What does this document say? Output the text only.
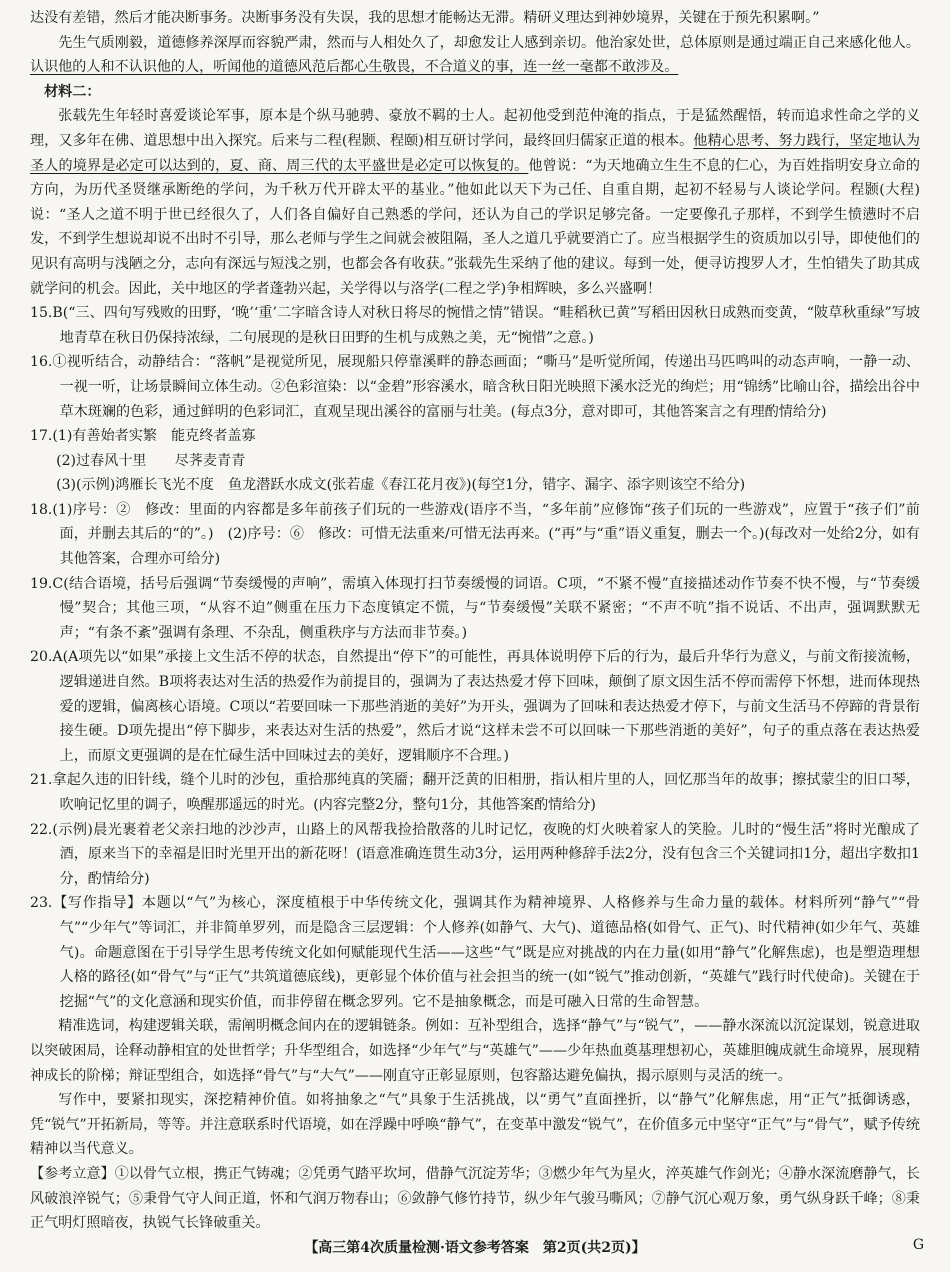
达没有差错，然后才能决断事务。决断事务没有失误，我的思想才能畅达无滞。精研义理达到神妙境界，关键在于预先积累啊。”

先生气质刚毅，道德修养深厚而容貌严肃，然而与人相处久了，却愈发让人感到亲切。他治家处世，总体原则是通过端正自己来感化他人。认识他的人和不认识他的人，听闻他的道德风范后都心生敬畏，不合道义的事，连一丝一毫都不敢涉及。

材料二：

张载先生年轻时喜爱谈论军事，原本是个纵马驰骋、豪放不羁的士人。起初他受到范仲淹的指点，于是猛然醒悟，转而追求性命之学的义理，又多年在佛、道思想中出入探究。后来与二程(程颢、程颐)相互研讨学问，最终回归儒家正道的根本。他精心思考、努力践行，坚定地认为圣人的境界是必定可以达到的，夏、商、周三代的太平盛世是必定可以恢复的。他曾说：“为天地确立生生不息的仁心，为百姓指明安身立命的方向，为历代圣贤继承断绝的学问，为千秋万代开辟太平的基业。”他如此以天下为己任、自重自期，起初不轻易与人谈论学问。程颢(大程)说：“圣人之道不明于世已经很久了，人们各自偏好自己熟悉的学问，还认为自己的学识足够完备。一定要像孔子那样，不到学生愤懑时不启发，不到学生想说却说不出时不引导，那么老师与学生之间就会被阻隔，圣人之道几乎就要消亡了。应当根据学生的资质加以引导，即使他们的见识有高明与浅陋之分，志向有深远与短浅之别，也都会各有收获。”张载先生采纳了他的建议。每到一处，便寻访搜罗人才，生怕错失了助其成就学问的机会。因此，关中地区的学者蓬勃兴起，关学得以与洛学(二程之学)争相辉映，多么兴盛啊！

15.B(“三、四句写残败的田野，‘晚’‘重’二字暗含诗人对秋日将尽的惋惜之情”错误。“畦稻秋已黄”写稻田因秋日成熟而变黄，“陂草秋重绿”写坡地青草在秋日仍保持浓绿，二句展现的是秋日田野的生机与成熟之美，无“惋惜”之意。)

16.①视听结合，动静结合：“落帆”是视觉所见，展现船只停靠溪畔的静态画面；“嘶马”是听觉所闻，传递出马匹鸣叫的动态声响，一静一动、一视一听，让场景瞬间立体生动。②色彩渲染：以“金碧”形容溪水，暗含秋日阳光映照下溪水泛光的绚烂；用“锦绣”比喻山谷，描绘出谷中草木斑斓的色彩，通过鲜明的色彩词汇，直观呈现出溪谷的富丽与壮美。(每点3分，意对即可，其他答案言之有理酌情给分)

17.(1)有善始者实繁　能克终者盖寡

(2)过春风十里　　尽荠麦青青

(3)(示例)鸿雁长飞光不度　鱼龙潜跃水成文(张若虚《春江花月夜》)(每空1分，错字、漏字、添字则该空不给分)

18.(1)序号：②　修改：里面的内容都是多年前孩子们玩的一些游戏(语序不当，“多年前”应修饰“孩子们玩的一些游戏”，应置于“孩子们”前面，并删去其后的“的”。)　(2)序号：⑥　修改：可惜无法重来/可惜无法再来。(“再”与“重”语义重复，删去一个。)(每改对一处给2分，如有其他答案，合理亦可给分)

19.C(结合语境，括号后强调“节奏缓慢的声响”，需填入体现打扫节奏缓慢的词语。C项，“不紧不慢”直接描述动作节奏不快不慢，与“节奏缓慢”契合；其他三项，“从容不迫”侧重在压力下态度镇定不慌，与“节奏缓慢”关联不紧密；“不声不吭”指不说话、不出声，强调默默无声；“有条不紊”强调有条理、不杂乱，侧重秩序与方法而非节奏。)

20.A(A项先以“如果”承接上文生活不停的状态，自然提出“停下”的可能性，再具体说明停下后的行为，最后升华行为意义，与前文衔接流畅，逻辑递进自然。B项将表达对生活的热爱作为前提目的，强调为了表达热爱才停下回味，颠倒了原文因生活不停而需停下怀想，进而体现热爱的逻辑，偏离核心语境。C项以“若要回味一下那些消逝的美好”为开头，强调为了回味和表达热爱才停下，与前文生活马不停蹄的背景衔接生硬。D项先提出“停下脚步，来表达对生活的热爱”，然后才说“这样未尝不可以回味一下那些消逝的美好”，句子的重点落在表达热爱上，而原文更强调的是在忙碌生活中回味过去的美好，逻辑顺序不合理。)

21.拿起久违的旧针线，缝个儿时的沙包，重拾那纯真的笑靥；翻开泛黄的旧相册，指认相片里的人，回忆那当年的故事；擦拭蒙尘的旧口琴，吹响记忆里的调子，唤醒那遥远的时光。(内容完整2分，整句1分，其他答案酌情给分)

22.(示例)晨光裹着老父亲扫地的沙沙声，山路上的风帮我捡拾散落的儿时记忆，夜晚的灯火映着家人的笑脸。儿时的“慢生活”将时光酿成了酒，原来当下的幸福是旧时光里开出的新花呀！(语意准确连贯生动3分，运用两种修辞手法2分，没有包含三个关键词扣1分，超出字数扣1分，酌情给分)

23.【写作指导】本题以“气”为核心，深度植根于中华传统文化，强调其作为精神境界、人格修养与生命力量的载体。材料所列“静气”“骨气”“少年气”等词汇，并非简单罗列，而是隐含三层逻辑：个人修养(如静气、大气)、道德品格(如骨气、正气)、时代精神(如少年气、英雄气)。命题意图在于引导学生思考传统文化如何赋能现代生活——这些“气”既是应对挑战的内在力量(如用“静气”化解焦虑)，也是塑造理想人格的路径(如“骨气”与“正气”共筑道德底线)，更彰显个体价值与社会担当的统一(如“锐气”推动创新，“英雄气”践行时代使命)。关键在于挖掘“气”的文化意涵和现实价值，而非停留在概念罗列。它不是抽象概念，而是可融入日常的生命智慧。

精准选词，构建逻辑关联，需阐明概念间内在的逻辑链条。例如：互补型组合，选择“静气”与“锐气”，——静水深流以沉淀谋划，锐意进取以突破困局，诠释动静相宜的处世哲学；升华型组合，如选择“少年气”与“英雄气”——少年热血奠基理想初心，英雄胆魄成就生命境界，展现精神成长的阶梯；辩证型组合，如选择“骨气”与“大气”——刚直守正彰显原则，包容豁达避免偏执，揭示原则与灵活的统一。

写作中，要紧扣现实，深挖精神价值。如将抽象之“气”具象于生活挑战，以“勇气”直面挫折，以“静气”化解焦虑，用“正气”抵御诱惑，凭“锐气”开拓新局，等等。并注意联系时代语境，如在浮躁中呼唤“静气”，在变革中激发“锐气”，在价值多元中坚守“正气”与“骨气”，赋予传统精神以当代意义。

【参考立意】①以骨气立根，携正气铸魂；②凭勇气踏平坎坷，借静气沉淀芳华；③燃少年气为星火，淬英雄气作剑光；④静水深流磨静气，长风破浪淬锐气；⑤秉骨气守人间正道，怀和气润万物春山；⑥敛静气修竹持节，纵少年气骏马嘶风；⑦静气沉心观万象，勇气纵身跃千峰；⑧秉正气明灯照暗夜，执锐气长锋破重关。

【高三第4次质量检测·语文参考答案　第2页(共2页)】	G
